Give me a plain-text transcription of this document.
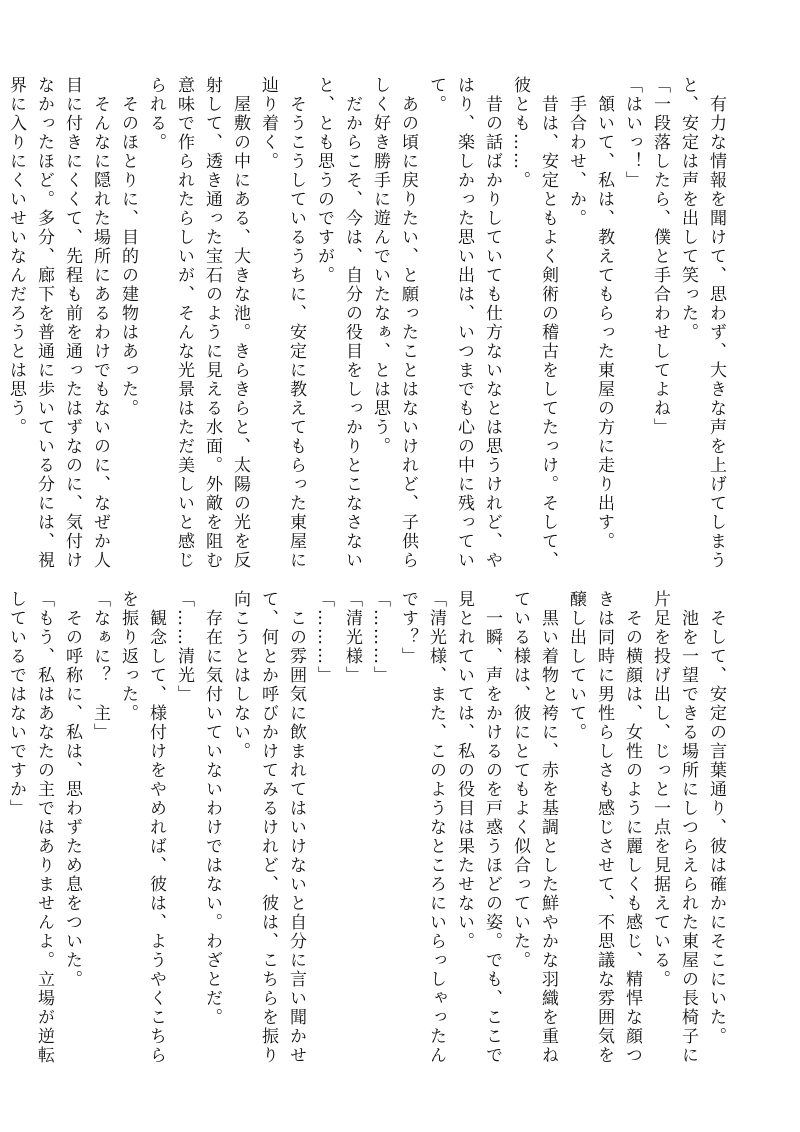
　有力な情報を聞けて、思わず、大きな声を上げてしまう
と、安定は声を出して笑った。
「一段落したら、僕と手合わせしてよね」
「はいっ！」
　頷いて、私は、教えてもらった東屋の方に走り出す。
　手合わせ、か。
　昔は、安定ともよく剣術の稽古をしてたっけ。そして、
彼とも……。
　昔の話ばかりしていても仕方ないなとは思うけれど、や
はり、楽しかった思い出は、いつまでも心の中に残ってい
て。
　あの頃に戻りたい、と願ったことはないけれど、子供ら
しく好き勝手に遊んでいたなぁ、とは思う。
　だからこそ、今は、自分の役目をしっかりとこなさない
と、とも思うのですが。
　そうこうしているうちに、安定に教えてもらった東屋に
辿り着く。
　屋敷の中にある、大きな池。きらきらと、太陽の光を反
射して、透き通った宝石のように見える水面。外敵を阻む
意味で作られたらしいが、そんな光景はただ美しいと感じ
られる。
　そのほとりに、目的の建物はあった。
　そんなに隠れた場所にあるわけでもないのに、なぜか人
目に付きにくくて、先程も前を通ったはずなのに、気付け
なかったほど。多分、廊下を普通に歩いている分には、視
界に入りにくいせいなんだろうとは思う。
　そして、安定の言葉通り、彼は確かにそこにいた。
　池を一望できる場所にしつらえられた東屋の長椅子に
片足を投げ出し、じっと一点を見据えている。
　その横顔は、女性のように麗しくも感じ、精悍な顔つ
きは同時に男性らしさも感じさせて、不思議な雰囲気を
醸し出していて。
　黒い着物と袴に、赤を基調とした鮮やかな羽織を重ね
ている様は、彼にとてもよく似合っていた。
　一瞬、声をかけるのを戸惑うほどの姿。でも、ここで
見とれていては、私の役目は果たせない。
「清光様、また、このようなところにいらっしゃったん
です？」
「………」
「清光様」
「………」
　この雰囲気に飲まれてはいけないと自分に言い聞かせ
て、何とか呼びかけてみるけれど、彼は、こちらを振り
向こうとはしない。
　存在に気付いていないわけではない。わざとだ。
「……清光」
　観念して、様付けをやめれば、彼は、ようやくこちら
を振り返った。
「なぁに？　主」
　その呼称に、私は、思わずため息をついた。
「もう、私はあなたの主ではありませんよ。立場が逆転
しているではないですか」
